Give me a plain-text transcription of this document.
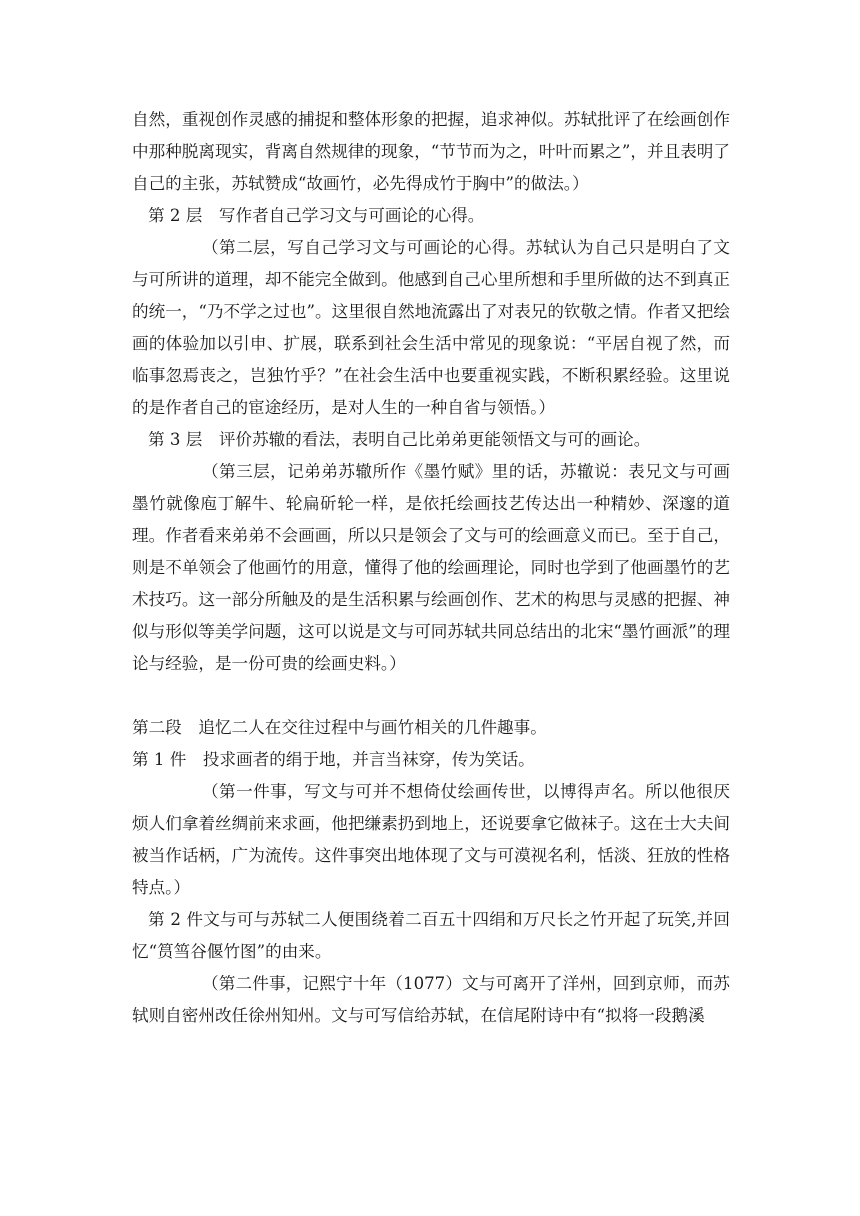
自然，重视创作灵感的捕捉和整体形象的把握，追求神似。苏轼批评了在绘画创作中那种脱离现实，背离自然规律的现象，“节节而为之，叶叶而累之”，并且表明了自己的主张，苏轼赞成“故画竹，必先得成竹于胸中”的做法。）

第 2 层　写作者自己学习文与可画论的心得。

（第二层，写自己学习文与可画论的心得。苏轼认为自己只是明白了文与可所讲的道理，却不能完全做到。他感到自己心里所想和手里所做的达不到真正的统一，“乃不学之过也”。这里很自然地流露出了对表兄的钦敬之情。作者又把绘画的体验加以引申、扩展，联系到社会生活中常见的现象说：“平居自视了然，而临事忽焉丧之，岂独竹乎？”在社会生活中也要重视实践，不断积累经验。这里说的是作者自己的宦途经历，是对人生的一种自省与领悟。）

第 3 层　评价苏辙的看法，表明自己比弟弟更能领悟文与可的画论。

（第三层，记弟弟苏辙所作《墨竹赋》里的话，苏辙说：表兄文与可画墨竹就像庖丁解牛、轮扁斫轮一样，是依托绘画技艺传达出一种精妙、深邃的道理。作者看来弟弟不会画画，所以只是领会了文与可的绘画意义而已。至于自己，则是不单领会了他画竹的用意，懂得了他的绘画理论，同时也学到了他画墨竹的艺术技巧。这一部分所触及的是生活积累与绘画创作、艺术的构思与灵感的把握、神似与形似等美学问题，这可以说是文与可同苏轼共同总结出的北宋“墨竹画派”的理论与经验，是一份可贵的绘画史料。）

第二段　追忆二人在交往过程中与画竹相关的几件趣事。

第 1 件　投求画者的绢于地，并言当袜穿，传为笑话。

（第一件事，写文与可并不想倚仗绘画传世，以博得声名。所以他很厌烦人们拿着丝绸前来求画，他把缣素扔到地上，还说要拿它做袜子。这在士大夫间被当作话柄，广为流传。这件事突出地体现了文与可漠视名利，恬淡、狂放的性格特点。）

第 2 件文与可与苏轼二人便围绕着二百五十四绢和万尺长之竹开起了玩笑,并回忆“筼筜谷偃竹图”的由来。

（第二件事，记熙宁十年（1077）文与可离开了洋州，回到京师，而苏轼则自密州改任徐州知州。文与可写信给苏轼，在信尾附诗中有“拟将一段鹅溪
